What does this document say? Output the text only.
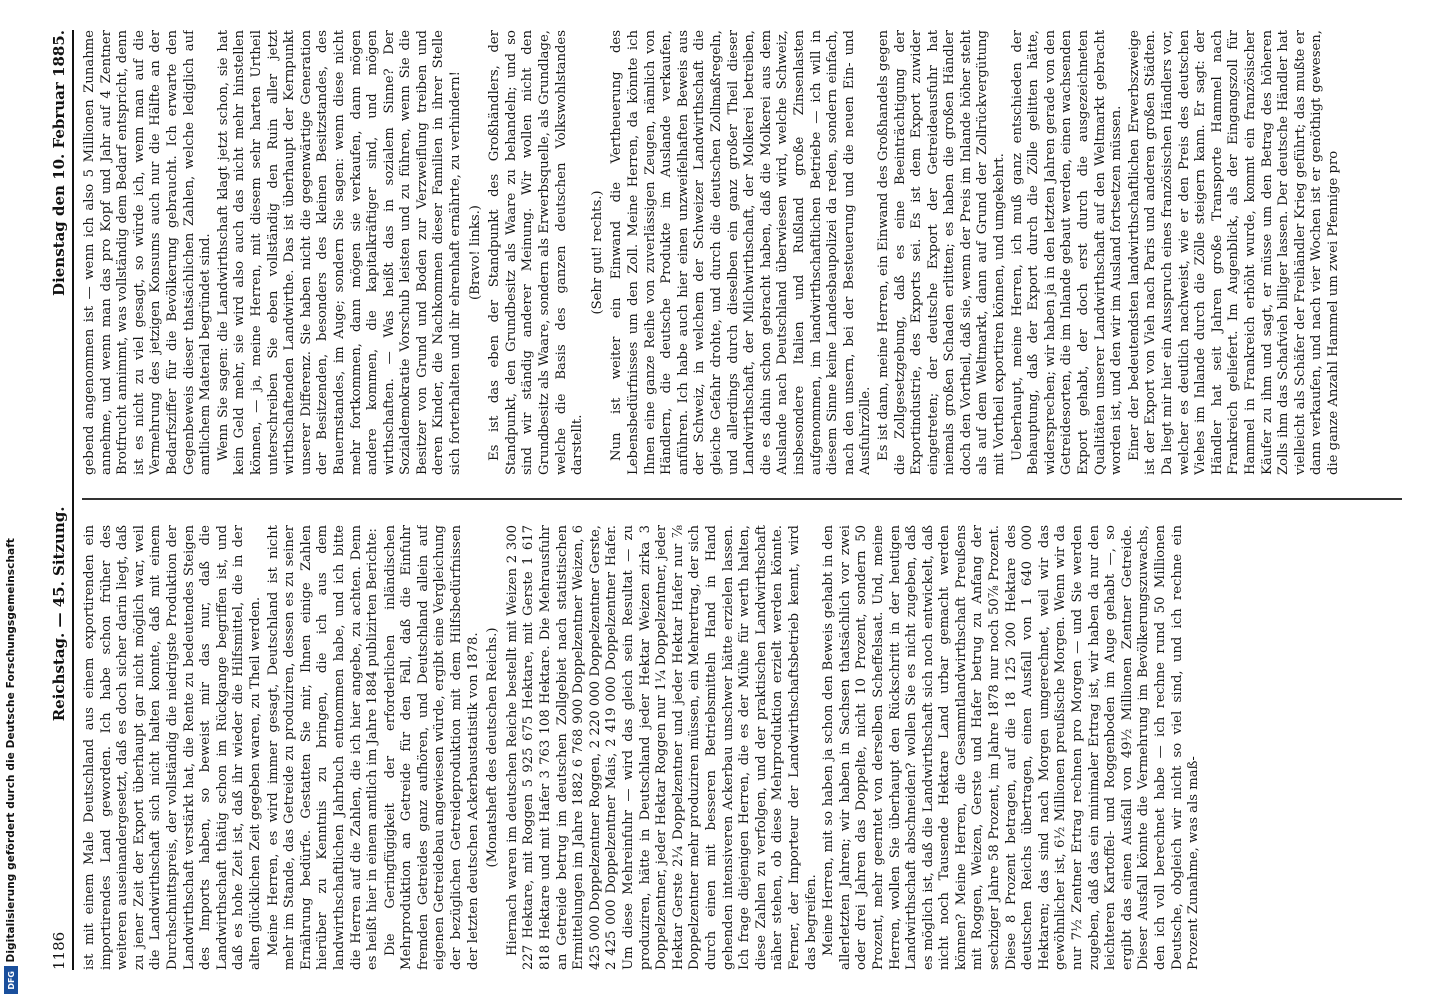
Digitalisierung gefördert durch die Deutsche Forschungsgemeinschaft
DFG
1186
Reichstag. — 45. Sitzung.
Dienstag den 10. Februar 1885.

ist mit einem Male Deutschland aus einem exportirenden ein importirendes Land geworden. Ich habe schon früher des weiteren auseinandergesetzt, daß es doch sicher darin liegt, daß zu jener Zeit der Export überhaupt gar nicht möglich war, weil die Landwirthschaft sich nicht halten konnte, daß mit einem Durchschnittspreis, der vollständig die niedrigste Produktion der Landwirthschaft verstärkt hat, die Rente zu bedeutendes Steigen des Imports haben, so beweist mir das nur, daß die Landwirthschaft thätig schon im Rückgange begriffen ist, und daß es hohe Zeit ist, daß ihr wieder die Hilfsmittel, die in der alten glücklichen Zeit gegeben waren, zu Theil werden. Meine Herren, es wird immer gesagt, Deutschland ist nicht mehr im Stande, das Getreide zu produziren, dessen es zu seiner Ernährung bedürfe. Gestatten Sie mir, Ihnen einige Zahlen hierüber zu Kenntnis zu bringen, die ich aus dem landwirthschaftlichen Jahrbuch entnommen habe, und ich bitte die Herren auf die Zahlen, die ich hier angebe, zu achten. Denn es heißt hier in einem amtlich im Jahre 1884 publizirten Berichte: Die Geringfügigkeit der erforderlichen inländischen Mehrproduktion an Getreide für den Fall, daß die Einfuhr fremden Getreides ganz aufhören, und Deutschland allein auf eigenen Getreidebau angewiesen würde, ergibt eine Vergleichung der bezüglichen Getreideproduktion mit dem Hilfsbedürfnissen der letzten deutschen Ackerbaustatistik von 1878. (Monatsheft des deutschen Reichs.) Hiernach waren im deutschen Reiche bestellt mit Weizen 2 300 227 Hektare, mit Roggen 5 925 675 Hektare, mit Gerste 1 617 818 Hektare und mit Hafer 3 763 108 Hektare. Die Mehrausfuhr an Getreide betrug im deutschen Zollgebiet nach statistischen Ermittelungen im Jahre 1882 6 768 900 Doppelzentner Weizen, 6 425 000 Doppelzentner Roggen, 2 220 000 Doppelzentner Gerste, 2 425 000 Doppelzentner Mais, 2 419 000 Doppelzentner Hafer. Um diese Mehreinfuhr — wird das gleich sein Resultat — zu produziren, hätte in Deutschland jeder Hektar Weizen zirka 3 Doppelzentner, jeder Hektar Roggen nur 1¼ Doppelzentner, jeder Hektar Gerste 2¼ Doppelzentner und jeder Hektar Hafer nur ⅞ Doppelzentner mehr produziren müssen, ein Mehrertrag, der sich durch einen mit besseren Betriebsmitteln Hand in Hand gehenden intensiveren Ackerbau unschwer hätte erzielen lassen. Ich frage diejenigen Herren, die es der Mühe für werth halten, diese Zahlen zu verfolgen, und der praktischen Landwirthschaft näher stehen, ob diese Mehrproduktion erzielt werden könnte. Ferner, der Importeur der Landwirthschaftsbetrieb kennt, wird das begreifen. Meine Herren, mit so haben ja schon den Beweis gehabt in den allerletzten Jahren; wir haben in Sachsen thatsächlich vor zwei oder drei Jahren das Doppelte, nicht 10 Prozent, sondern 50 Prozent, mehr geerntet von derselben Scheffelsaat. Und, meine Herren, wollen Sie überhaupt den Rückschritt in der heutigen Landwirthschaft abschneiden? wollen Sie es nicht zugeben, daß es möglich ist, daß die Landwirthschaft sich noch entwickelt, daß nicht noch Tausende Hektare Land urbar gemacht werden können? Meine Herren, die Gesammtlandwirthschaft Preußens mit Roggen, Weizen, Gerste und Hafer betrug zu Anfang der sechziger Jahre 58 Prozent, im Jahre 1878 nur noch 50⅞ Prozent. Diese 8 Prozent betragen, auf die 18 125 200 Hektare des deutschen Reichs übertragen, einen Ausfall von 1 640 000 Hektaren; das sind nach Morgen umgerechnet, weil wir das gewöhnlicher ist, 6½ Millionen preußische Morgen. Wenn wir da nur 7½ Zentner Ertrag rechnen pro Morgen — und Sie werden zugeben, daß das ein minimaler Ertrag ist, wir haben da nur den leichteren Kartoffel- und Roggenboden im Auge gehabt —, so ergibt das einen Ausfall von 49½ Millionen Zentner Getreide. Dieser Ausfall könnte die Vermehrung im Bevölkerungszuwachs, den ich voll berechnet habe — ich rechne rund 50 Millionen Deutsche, obgleich wir nicht so viel sind, und ich rechne ein Prozent Zunahme, was als maß-

gebend angenommen ist — wenn ich also 5 Millionen Zunahme annehme, und wenn man das pro Kopf und Jahr auf 4 Zentner Brotfrucht annimmt, was vollständig dem Bedarf entspricht, denn ist es nicht zu viel gesagt, so würde ich, wenn man auf die Vermehrung des jetzigen Konsums auch nur die Hälfte an der Bedarfsziffer für die Bevölkerung gebraucht. Ich erwarte den Gegenbeweis dieser thatsächlichen Zahlen, welche lediglich auf amtlichem Material begründet sind. Wenn Sie sagen: die Landwirthschaft klagt jetzt schon, sie hat kein Geld mehr, sie wird also auch das nicht mehr hinstellen können, — ja, meine Herren, mit diesem sehr harten Urtheil unterschreiben Sie eben vollständig den Ruin aller jetzt wirthschaftenden Landwirthe. Das ist überhaupt der Kernpunkt unserer Differenz. Sie haben nicht die gegenwärtige Generation der Besitzenden, besonders des kleinen Besitzstandes, des Bauernstandes, im Auge; sondern Sie sagen: wenn diese nicht mehr fortkommen, dann mögen sie verkaufen, dann mögen andere kommen, die kapitalkräftiger sind, und mögen wirthschaften. — Was heißt das in sozialem Sinne? Der Sozialdemokratie Vorschub leisten und zu führen, wenn Sie die Besitzer von Grund und Boden zur Verzweiflung treiben und deren Kinder, die Nachkommen dieser Familien in ihrer Stelle sich forterhalten und ihr ehrenhaft ernährte, zu verhindern! (Bravo! links.) Es ist das eben der Standpunkt des Großhändlers, der Standpunkt, den Grundbesitz als Waare zu behandeln; und so sind wir ständig anderer Meinung. Wir wollen nicht den Grundbesitz als Waare, sondern als Erwerbsquelle, als Grundlage, welche die Basis des ganzen deutschen Volkswohlstandes darstellt.

(Sehr gut! rechts.) Nun ist weiter ein Einwand die Vertheuerung des Lebensbedürfnisses um den Zoll. Meine Herren, da könnte ich Ihnen eine ganze Reihe von zuverlässigen Zeugen, nämlich von Händlern, die deutsche Produkte im Auslande verkaufen, anführen. Ich habe auch hier einen unzweifelhaften Beweis aus der Schweiz, in welchem der Schweizer Landwirthschaft die gleiche Gefahr drohte, und durch die deutschen Zollmaßregeln, und allerdings durch dieselben ein ganz großer Theil dieser Landwirthschaft, der Milchwirthschaft, der Molkerei betreiben, die es dahin schon gebracht haben, daß die Molkerei aus dem Auslande nach Deutschland überwiesen wird, welche Schweiz, insbesondere Italien und Rußland große Zinsenlasten aufgenommen, im landwirthschaftlichen Betriebe — ich will in diesem Sinne keine Landesbaupolizei da reden, sondern einfach, nach den unsern, bei der Besteuerung und die neuen Ein- und Ausfuhrzölle. Es ist dann, meine Herren, ein Einwand des Großhandels gegen die Zollgesetzgebung, daß es eine Beeinträchtigung der Exportindustrie, des Exports sei. Es ist dem Export zuwider eingetreten; der deutsche Export der Getreideausfuhr hat niemals großen Schaden erlitten; es haben die großen Händler doch den Vortheil, daß sie, wenn der Preis im Inlande höher steht als auf dem Weltmarkt, dann auf Grund der Zollrückvergütung mit Vortheil exportiren können, und umgekehrt. Ueberhaupt, meine Herren, ich muß ganz entschieden der Behauptung, daß der Export durch die Zölle gelitten hätte, widersprechen; wir haben ja in den letzten Jahren gerade von den Getreidesorten, die im Inlande gebaut werden, einen wachsenden Export gehabt, der doch erst durch die ausgezeichneten Qualitäten unserer Landwirthschaft auf den Weltmarkt gebracht worden ist, und den wir im Ausland fortsetzen müssen. Einer der bedeutendsten landwirthschaftlichen Erwerbszweige ist der Export von Vieh nach Paris und anderen großen Städten. Da liegt mir hier ein Ausspruch eines französischen Händlers vor, welcher es deutlich nachweist, wie er den Preis des deutschen Viehes im Inlande durch die Zölle steigern kann. Er sagt: der Händler hat seit Jahren große Transporte Hammel nach Frankreich geliefert. Im Augenblick, als der Eingangszoll für Hammel in Frankreich erhöht wurde, kommt ein französischer Käufer zu ihm und sagt, er müsse um den Betrag des höheren Zolls ihm das Schafvieh billiger lassen. Der deutsche Händler hat vielleicht als Schäfer der Freihändler Krieg geführt; das mußte er dann verkaufen, und nach vier Wochen ist er genöthigt gewesen, die ganze Anzahl Hammel um zwei Pfennige pro
